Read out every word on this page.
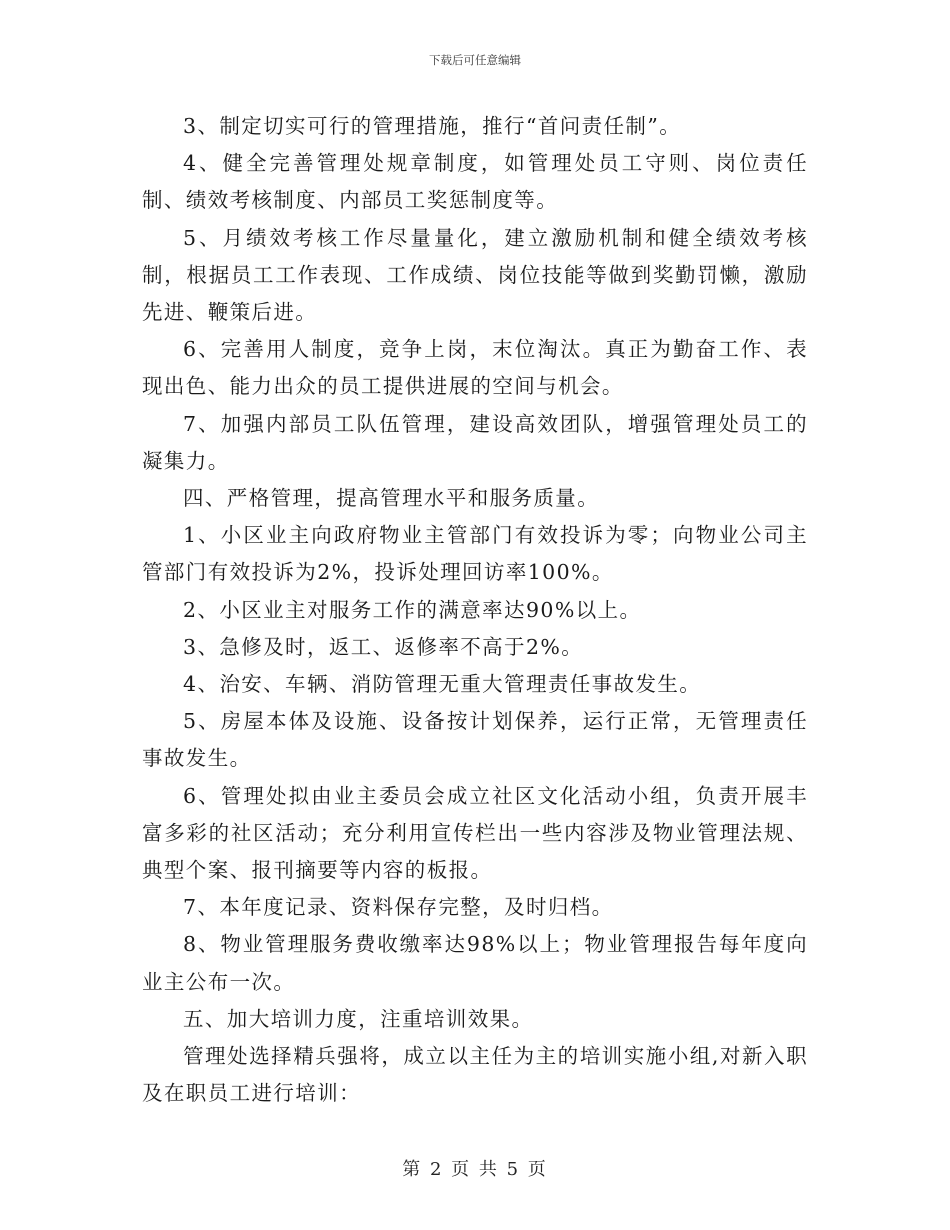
下载后可任意编辑

3、制定切实可行的管理措施，推行“首问责任制”。

4、健全完善管理处规章制度，如管理处员工守则、岗位责任制、绩效考核制度、内部员工奖惩制度等。

5、月绩效考核工作尽量量化，建立激励机制和健全绩效考核制，根据员工工作表现、工作成绩、岗位技能等做到奖勤罚懒，激励先进、鞭策后进。

6、完善用人制度，竞争上岗，末位淘汰。真正为勤奋工作、表现出色、能力出众的员工提供进展的空间与机会。

7、加强内部员工队伍管理，建设高效团队，增强管理处员工的凝集力。

四、严格管理，提高管理水平和服务质量。

1、小区业主向政府物业主管部门有效投诉为零；向物业公司主管部门有效投诉为2%，投诉处理回访率100%。

2、小区业主对服务工作的满意率达90%以上。

3、急修及时，返工、返修率不高于2%。

4、治安、车辆、消防管理无重大管理责任事故发生。

5、房屋本体及设施、设备按计划保养，运行正常，无管理责任事故发生。

6、管理处拟由业主委员会成立社区文化活动小组，负责开展丰富多彩的社区活动；充分利用宣传栏出一些内容涉及物业管理法规、典型个案、报刊摘要等内容的板报。

7、本年度记录、资料保存完整，及时归档。

8、物业管理服务费收缴率达98%以上；物业管理报告每年度向业主公布一次。

五、加大培训力度，注重培训效果。

管理处选择精兵强将，成立以主任为主的培训实施小组,对新入职及在职员工进行培训：

第 2 页 共 5 页
